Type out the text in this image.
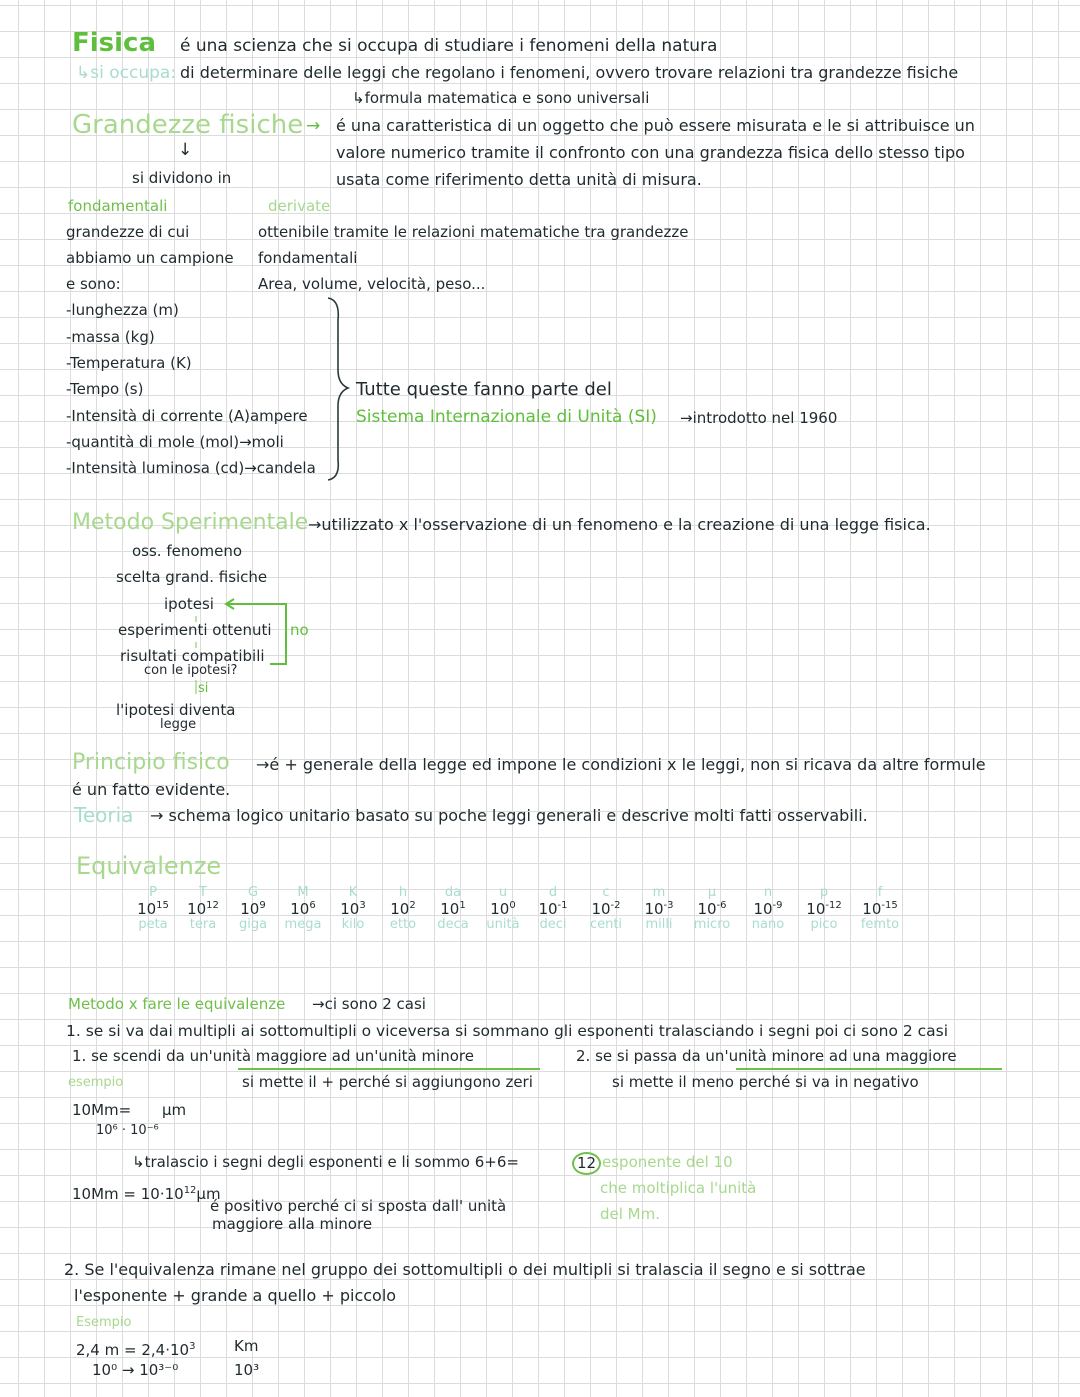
Fisica é una scienza che si occupa di studiare i fenomeni della natura
↳si occupa: di determinare delle leggi che regolano i fenomeni, ovvero trovare relazioni tra grandezze fisiche
↳formula matematica e sono universali
Grandezze fisiche → é una caratteristica di un oggetto che può essere misurata e le si attribuisce un
valore numerico tramite il confronto con una grandezza fisica dello stesso tipo
usata come riferimento detta unità di misura.
↓
si dividono in
fondamentali	derivate
grandezze di cui
abbiamo un campione
e sono:
ottenibile tramite le relazioni matematiche tra grandezze
fondamentali
Area, volume, velocità, peso...
-lunghezza (m)
-massa (kg)
-Temperatura (K)
-Tempo (s)
-Intensità di corrente (A)ampere
-quantità di mole (mol)→moli
-Intensità luminosa (cd)→candela
Tutte queste fanno parte del
Sistema Internazionale di Unità (SI) →introdotto nel 1960
Metodo Sperimentale →utilizzato x l'osservazione di un fenomeno e la creazione di una legge fisica.
oss. fenomeno
scelta grand. fisiche
ipotesi
esperimenti ottenuti
risultati compatibili
con le ipotesi?
l'ipotesi diventa
legge
no
si
Principio fisico →é + generale della legge ed impone le condizioni x le leggi, non si ricava da altre formule
é un fatto evidente.
Teoria → schema logico unitario basato su poche leggi generali e descrive molti fatti osservabili.
Equivalenze
P
$10^{15}$
peta
T
$10^{12}$
tera
G
$10^9$
giga
M
$10^6$
mega
K
$10^3$
kilo
h
$10^2$
etto
da
$10^1$
deca
u
$10^0$
unità
d
$10^{-1}$
deci
c
$10^{-2}$
centi
m
$10^{-3}$
milli
μ
$10^{-6}$
micro
n
$10^{-9}$
nano
p
$10^{-12}$
pico
f
$10^{-15}$
femto
Metodo x fare le equivalenze →ci sono 2 casi
1. se si va dai multipli ai sottomultipli o viceversa si sommano gli esponenti tralasciando i segni poi ci sono 2 casi
1. se scendi da un'unità maggiore ad un'unità minore	2. se si passa da un'unità minore ad una maggiore
esempio	si mette il + perché si aggiungono zeri	si mette il meno perché si va in negativo
10Mm= μm
10⁶ · 10⁻⁶
↳tralascio i segni degli esponenti e li sommo 6+6=	12 esponente del 10
che moltiplica l'unità
del Mm.
$10Mm = 10\cdot 10^{12}\mu m$
é positivo perché ci si sposta dall' unità
maggiore alla minore
2. Se l'equivalenza rimane nel gruppo dei sottomultipli o dei multipli si tralascia il segno e si sottrae
l'esponente + grande a quello + piccolo
Esempio
2,4 $m = 2,4\cdot 10^3$	Km
10⁰ → 10³⁻⁰	10³
